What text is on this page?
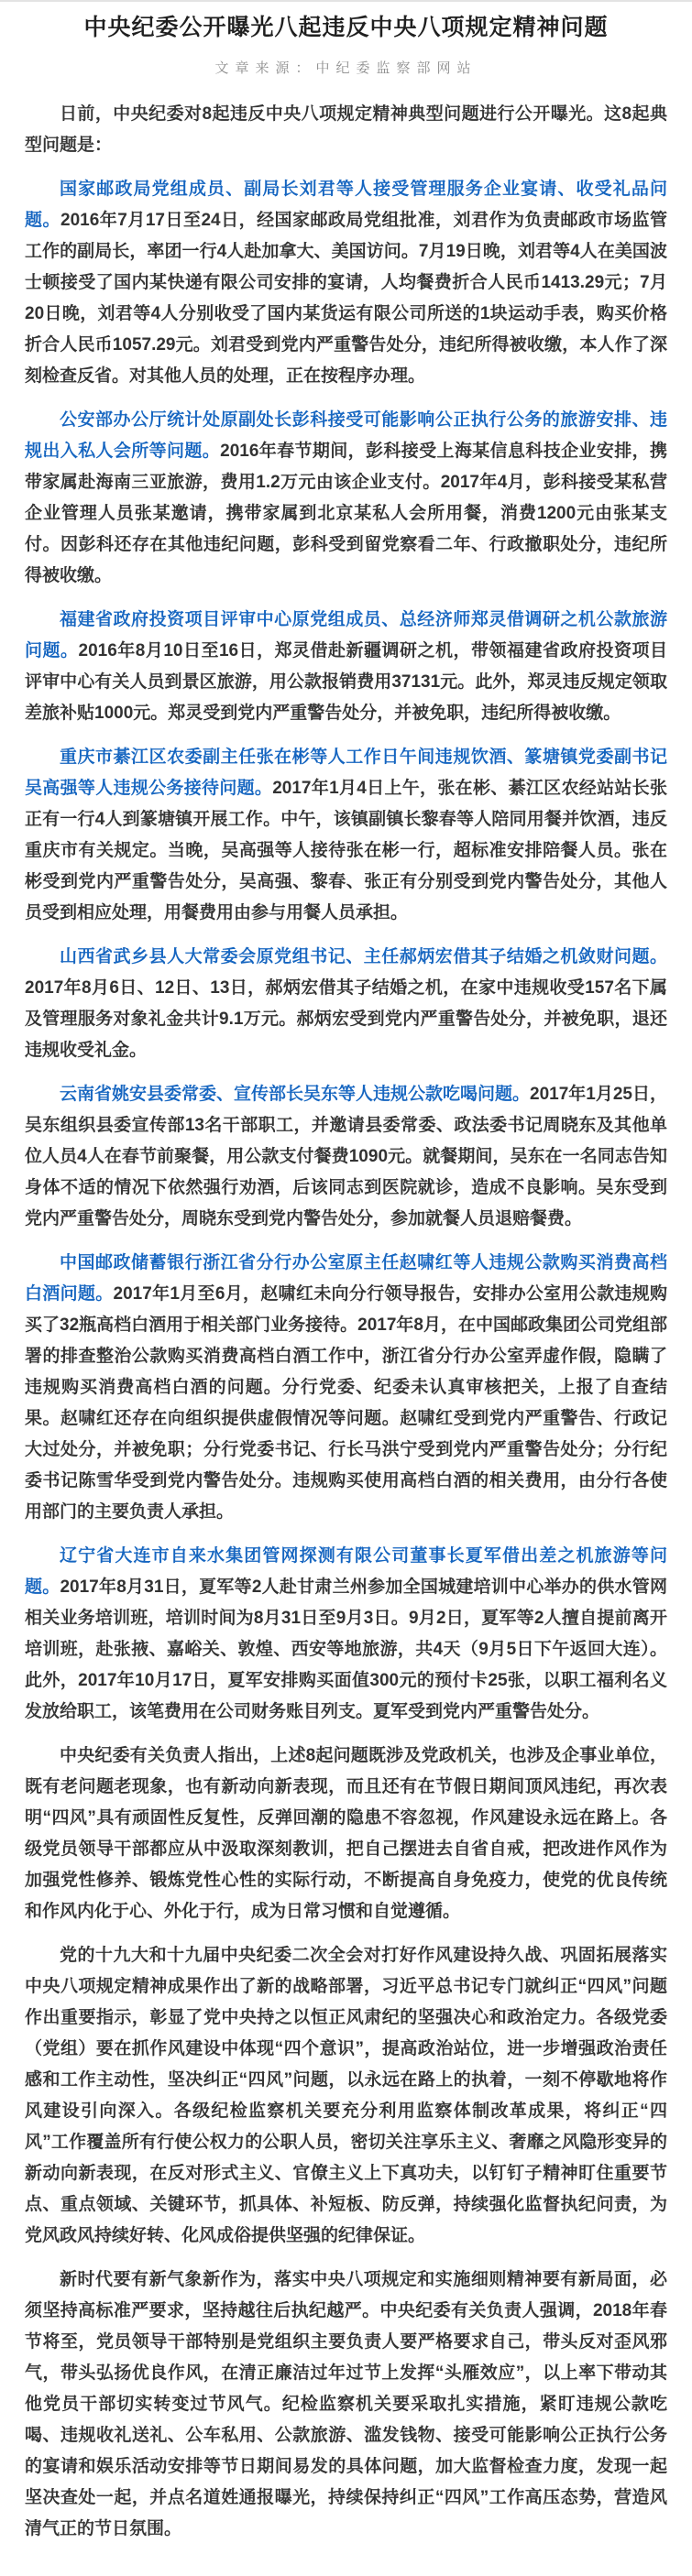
中央纪委公开曝光八起违反中央八项规定精神问题
文章来源：中纪委监察部网站

日前，中央纪委对8起违反中央八项规定精神典型问题进行公开曝光。这8起典型问题是：

国家邮政局党组成员、副局长刘君等人接受管理服务企业宴请、收受礼品问题。2016年7月17日至24日，经国家邮政局党组批准，刘君作为负责邮政市场监管工作的副局长，率团一行4人赴加拿大、美国访问。7月19日晚，刘君等4人在美国波士顿接受了国内某快递有限公司安排的宴请，人均餐费折合人民币1413.29元；7月20日晚，刘君等4人分别收受了国内某货运有限公司所送的1块运动手表，购买价格折合人民币1057.29元。刘君受到党内严重警告处分，违纪所得被收缴，本人作了深刻检查反省。对其他人员的处理，正在按程序办理。

公安部办公厅统计处原副处长彭科接受可能影响公正执行公务的旅游安排、违规出入私人会所等问题。2016年春节期间，彭科接受上海某信息科技企业安排，携带家属赴海南三亚旅游，费用1.2万元由该企业支付。2017年4月，彭科接受某私营企业管理人员张某邀请，携带家属到北京某私人会所用餐，消费1200元由张某支付。因彭科还存在其他违纪问题，彭科受到留党察看二年、行政撤职处分，违纪所得被收缴。

福建省政府投资项目评审中心原党组成员、总经济师郑灵借调研之机公款旅游问题。2016年8月10日至16日，郑灵借赴新疆调研之机，带领福建省政府投资项目评审中心有关人员到景区旅游，用公款报销费用37131元。此外，郑灵违反规定领取差旅补贴1000元。郑灵受到党内严重警告处分，并被免职，违纪所得被收缴。

重庆市綦江区农委副主任张在彬等人工作日午间违规饮酒、篆塘镇党委副书记吴高强等人违规公务接待问题。2017年1月4日上午，张在彬、綦江区农经站站长张正有一行4人到篆塘镇开展工作。中午，该镇副镇长黎春等人陪同用餐并饮酒，违反重庆市有关规定。当晚，吴高强等人接待张在彬一行，超标准安排陪餐人员。张在彬受到党内严重警告处分，吴高强、黎春、张正有分别受到党内警告处分，其他人员受到相应处理，用餐费用由参与用餐人员承担。

山西省武乡县人大常委会原党组书记、主任郝炳宏借其子结婚之机敛财问题。2017年8月6日、12日、13日，郝炳宏借其子结婚之机，在家中违规收受157名下属及管理服务对象礼金共计9.1万元。郝炳宏受到党内严重警告处分，并被免职，退还违规收受礼金。

云南省姚安县委常委、宣传部长吴东等人违规公款吃喝问题。2017年1月25日，吴东组织县委宣传部13名干部职工，并邀请县委常委、政法委书记周晓东及其他单位人员4人在春节前聚餐，用公款支付餐费1090元。就餐期间，吴东在一名同志告知身体不适的情况下依然强行劝酒，后该同志到医院就诊，造成不良影响。吴东受到党内严重警告处分，周晓东受到党内警告处分，参加就餐人员退赔餐费。

中国邮政储蓄银行浙江省分行办公室原主任赵啸红等人违规公款购买消费高档白酒问题。2017年1月至6月，赵啸红未向分行领导报告，安排办公室用公款违规购买了32瓶高档白酒用于相关部门业务接待。2017年8月，在中国邮政集团公司党组部署的排查整治公款购买消费高档白酒工作中，浙江省分行办公室弄虚作假，隐瞒了违规购买消费高档白酒的问题。分行党委、纪委未认真审核把关，上报了自查结果。赵啸红还存在向组织提供虚假情况等问题。赵啸红受到党内严重警告、行政记大过处分，并被免职；分行党委书记、行长马洪宁受到党内严重警告处分；分行纪委书记陈雪华受到党内警告处分。违规购买使用高档白酒的相关费用，由分行各使用部门的主要负责人承担。

辽宁省大连市自来水集团管网探测有限公司董事长夏军借出差之机旅游等问题。2017年8月31日，夏军等2人赴甘肃兰州参加全国城建培训中心举办的供水管网相关业务培训班，培训时间为8月31日至9月3日。9月2日，夏军等2人擅自提前离开培训班，赴张掖、嘉峪关、敦煌、西安等地旅游，共4天（9月5日下午返回大连）。此外，2017年10月17日，夏军安排购买面值300元的预付卡25张，以职工福利名义发放给职工，该笔费用在公司财务账目列支。夏军受到党内严重警告处分。

中央纪委有关负责人指出，上述8起问题既涉及党政机关，也涉及企事业单位，既有老问题老现象，也有新动向新表现，而且还有在节假日期间顶风违纪，再次表明“四风”具有顽固性反复性，反弹回潮的隐患不容忽视，作风建设永远在路上。各级党员领导干部都应从中汲取深刻教训，把自己摆进去自省自戒，把改进作风作为加强党性修养、锻炼党性心性的实际行动，不断提高自身免疫力，使党的优良传统和作风内化于心、外化于行，成为日常习惯和自觉遵循。

党的十九大和十九届中央纪委二次全会对打好作风建设持久战、巩固拓展落实中央八项规定精神成果作出了新的战略部署，习近平总书记专门就纠正“四风”问题作出重要指示，彰显了党中央持之以恒正风肃纪的坚强决心和政治定力。各级党委（党组）要在抓作风建设中体现“四个意识”，提高政治站位，进一步增强政治责任感和工作主动性，坚决纠正“四风”问题，以永远在路上的执着，一刻不停歇地将作风建设引向深入。各级纪检监察机关要充分利用监察体制改革成果，将纠正“四风”工作覆盖所有行使公权力的公职人员，密切关注享乐主义、奢靡之风隐形变异的新动向新表现，在反对形式主义、官僚主义上下真功夫，以钉钉子精神盯住重要节点、重点领域、关键环节，抓具体、补短板、防反弹，持续强化监督执纪问责，为党风政风持续好转、化风成俗提供坚强的纪律保证。

新时代要有新气象新作为，落实中央八项规定和实施细则精神要有新局面，必须坚持高标准严要求，坚持越往后执纪越严。中央纪委有关负责人强调，2018年春节将至，党员领导干部特别是党组织主要负责人要严格要求自己，带头反对歪风邪气，带头弘扬优良作风，在清正廉洁过年过节上发挥“头雁效应”，以上率下带动其他党员干部切实转变过节风气。纪检监察机关要采取扎实措施，紧盯违规公款吃喝、违规收礼送礼、公车私用、公款旅游、滥发钱物、接受可能影响公正执行公务的宴请和娱乐活动安排等节日期间易发的具体问题，加大监督检查力度，发现一起坚决查处一起，并点名道姓通报曝光，持续保持纠正“四风”工作高压态势，营造风清气正的节日氛围。
